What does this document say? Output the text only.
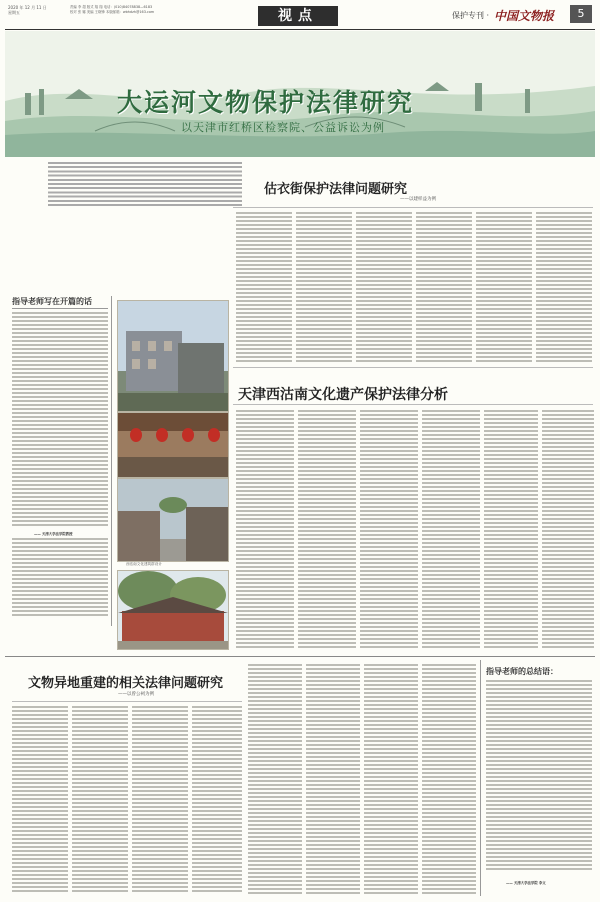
2020 年 12 月 11 日
星期五
责编 李 超 版式 翔 翔 电话：(010)84078838—6183
校对 张 娜 美编 王晓锋 本版邮箱：wbhdzh@163.com	视点	保护专刊 · 中国文物报	5
大运河文物保护法律研究
以天津市红桥区检察院、公益诉讼为例
指导老师写在开篇的话
—— 天津大学法学院教授
西沽南文化建筑群设计
估衣街保护法律问题研究
——以建样益为例
天津西沽南文化遗产保护法律分析
文物异地重建的相关法律问题研究
——以曾公祠为例
指导老师的总结语：
—— 天津大学法学院 李文
